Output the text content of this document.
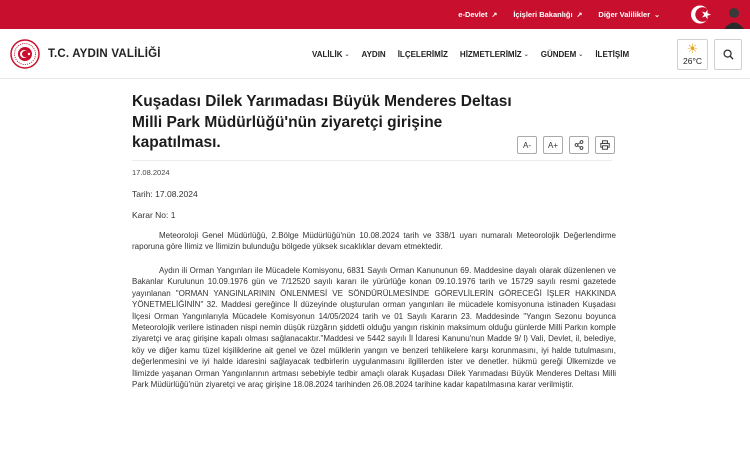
e-Devlet ↗ İçişleri Bakanlığı ↗ Diğer Valilikler ⌄
T.C. AYDIN VALİLİĞİ	VALİLİK ⌄ AYDIN İLÇELERİMİZ HİZMETLERİMİZ ⌄ GÜNDEM ⌄ İLETİŞİM	☀
26°C
Kuşadası Dilek Yarımadası Büyük Menderes Deltası Milli Park Müdürlüğü'nün ziyaretçi girişine kapatılması.	A- A+
17.08.2024
Tarih: 17.08.2024
Karar No: 1

Meteoroloji Genel Müdürlüğü, 2.Bölge Müdürlüğü'nün 10.08.2024 tarih ve 338/1 uyarı numaralı Meteorolojik Değerlendirme raporuna göre İlimiz ve İlimizin bulunduğu bölgede yüksek sıcaklıklar devam etmektedir.

Aydın ili Orman Yangınları ile Mücadele Komisyonu, 6831 Sayılı Orman Kanununun 69. Maddesine dayalı olarak düzenlenen ve Bakanlar Kurulunun 10.09.1976 gün ve 7/12520 sayılı kararı ile yürürlüğe konan 09.10.1976 tarih ve 15729 sayılı resmi gazetede yayınlanan "ORMAN YANGINLARININ ÖNLENMESİ VE SÖNDÜRÜLMESİNDE GÖREVLİLERİN GÖRECEĞİ İŞLER HAKKINDA YÖNETMELİĞİNİN" 32. Maddesi gereğince İl düzeyinde oluşturulan orman yangınları ile mücadele komisyonuna istinaden Kuşadası İlçesi Orman Yangınlarıyla Mücadele Komisyonun 14/05/2024 tarih ve 01 Sayılı Kararın 23. Maddesinde "Yangın Sezonu boyunca Meteorolojik verilere istinaden nispi nemin düşük rüzgârın şiddetli olduğu yangın riskinin maksimum olduğu günlerde Milli Parkın komple ziyaretçi ve araç girişine kapalı olması sağlanacaktır."Maddesi ve 5442 sayılı İl İdaresi Kanunu'nun Madde 9/ l) Vali, Devlet, il, belediye, köy ve diğer kamu tüzel kişiliklerine ait genel ve özel mülklerin yangın ve benzeri tehlikelere karşı korunmasını, iyi halde tutulmasını, değerlenmesini ve iyi halde idaresini sağlayacak tedbirlerin uygulanmasını ilgililerden ister ve denetler. hükmü gereği Ülkemizde ve İlimizde yaşanan Orman Yangınlarının artması sebebiyle tedbir amaçlı olarak Kuşadası Dilek Yarımadası Büyük Menderes Deltası Milli Park Müdürlüğü'nün ziyaretçi ve araç girişine 18.08.2024 tarihinden 26.08.2024 tarihine kadar kapatılmasına karar verilmiştir.
